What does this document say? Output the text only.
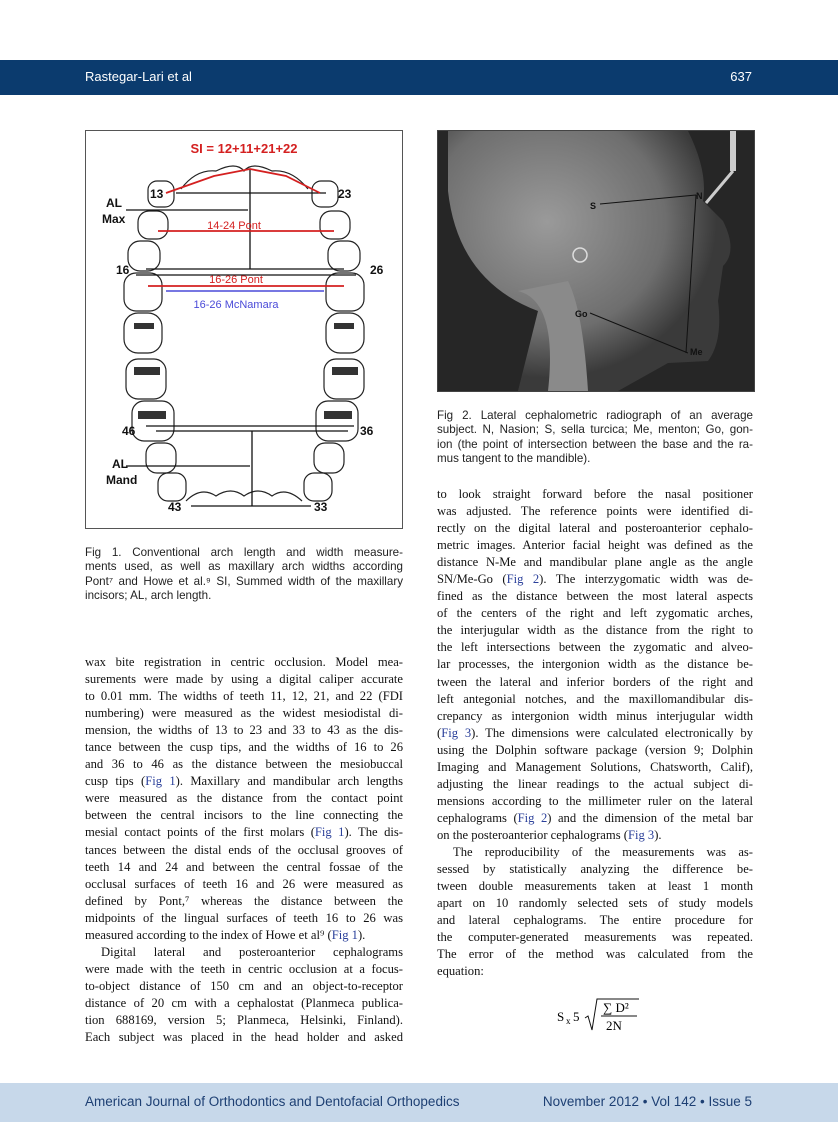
Rastegar-Lari et al	637
SI = 12+11+21+22
14-24 Pont
16-26 Pont
16-26 McNamara
13	23
16	26
46	36
43	33
AL
Max
AL
Mand
Fig 1. Conventional arch length and width measure-
ments used, as well as maxillary arch widths according
Pont⁷ and Howe et al.⁹ SI, Summed width of the maxillary
incisors; AL, arch length.
S
N
Go
Me
Fig 2. Lateral cephalometric radiograph of an average
subject. N, Nasion; S, sella turcica; Me, menton; Go, gon-
ion (the point of intersection between the base and the ra-
mus tangent to the mandible).
wax bite registration in centric occlusion. Model mea-
surements were made by using a digital caliper accurate
to 0.01 mm. The widths of teeth 11, 12, 21, and 22 (FDI
numbering) were measured as the widest mesiodistal di-
mension, the widths of 13 to 23 and 33 to 43 as the dis-
tance between the cusp tips, and the widths of 16 to 26
and 36 to 46 as the distance between the mesiobuccal
cusp tips (Fig 1). Maxillary and mandibular arch lengths
were measured as the distance from the contact point
between the central incisors to the line connecting the
mesial contact points of the first molars (Fig 1). The dis-
tances between the distal ends of the occlusal grooves of
teeth 14 and 24 and between the central fossae of the
occlusal surfaces of teeth 16 and 26 were measured as
defined by Pont,⁷ whereas the distance between the
midpoints of the lingual surfaces of teeth 16 to 26 was
measured according to the index of Howe et al⁹ (Fig 1).
Digital lateral and posteroanterior cephalograms
were made with the teeth in centric occlusion at a focus-
to-object distance of 150 cm and an object-to-receptor
distance of 20 cm with a cephalostat (Planmeca publica-
tion 688169, version 5; Planmeca, Helsinki, Finland).
Each subject was placed in the head holder and asked
to look straight forward before the nasal positioner
was adjusted. The reference points were identified di-
rectly on the digital lateral and posteroanterior cephalo-
metric images. Anterior facial height was defined as the
distance N-Me and mandibular plane angle as the angle
SN/Me-Go (Fig 2). The interzygomatic width was de-
fined as the distance between the most lateral aspects
of the centers of the right and left zygomatic arches,
the interjugular width as the distance from the right to
the left intersections between the zygomatic and alveo-
lar processes, the intergonion width as the distance be-
tween the lateral and inferior borders of the right and
left antegonial notches, and the maxillomandibular dis-
crepancy as intergonion width minus interjugular width
(Fig 3). The dimensions were calculated electronically by
using the Dolphin software package (version 9; Dolphin
Imaging and Management Solutions, Chatsworth, Calif),
adjusting the linear readings to the actual subject di-
mensions according to the millimeter ruler on the lateral
cephalograms (Fig 2) and the dimension of the metal bar
on the posteroanterior cephalograms (Fig 3).
The reproducibility of the measurements was as-
sessed by statistically analyzing the difference be-
tween double measurements taken at least 1 month
apart on 10 randomly selected sets of study models
and lateral cephalograms. The entire procedure for
the computer-generated measurements was repeated.
The error of the method was calculated from the
equation:
S x 5
∑ D²
2N
American Journal of Orthodontics and Dentofacial Orthopedics	November 2012 • Vol 142 • Issue 5
